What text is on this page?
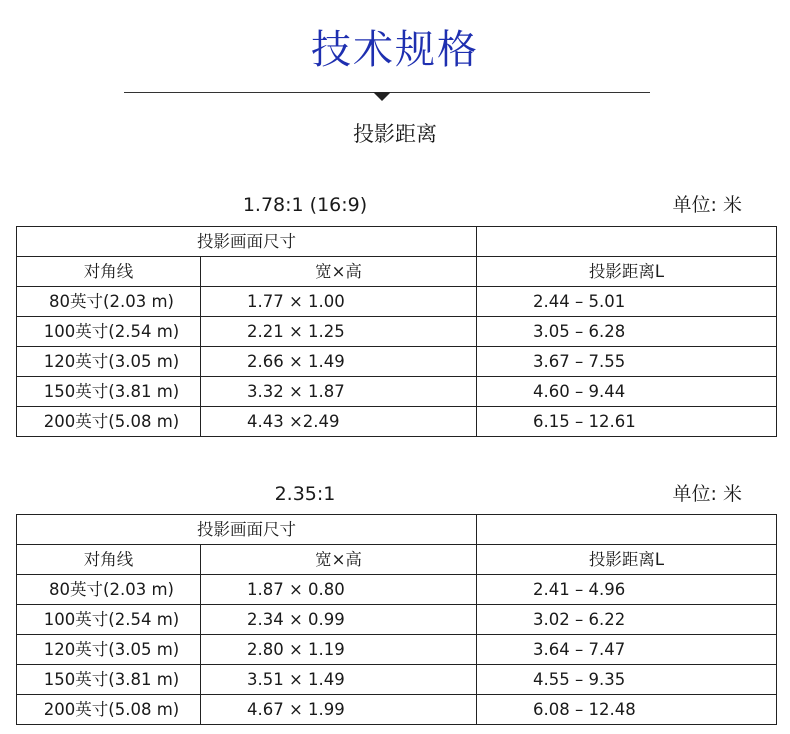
技术规格
投影距离
1.78:1 (16:9)	单位: 米
投影画面尺寸		
对角线	宽×高	投影距离L
80英寸(2.03 m)	1.77 × 1.00	2.44 – 5.01
100英寸(2.54 m)	2.21 × 1.25	3.05 – 6.28
120英寸(3.05 m)	2.66 × 1.49	3.67 – 7.55
150英寸(3.81 m)	3.32 × 1.87	4.60 – 9.44
200英寸(5.08 m)	4.43 ×2.49	6.15 – 12.61
2.35:1	单位: 米
投影画面尺寸		
对角线	宽×高	投影距离L
80英寸(2.03 m)	1.87 × 0.80	2.41 – 4.96
100英寸(2.54 m)	2.34 × 0.99	3.02 – 6.22
120英寸(3.05 m)	2.80 × 1.19	3.64 – 7.47
150英寸(3.81 m)	3.51 × 1.49	4.55 – 9.35
200英寸(5.08 m)	4.67 × 1.99	6.08 – 12.48
